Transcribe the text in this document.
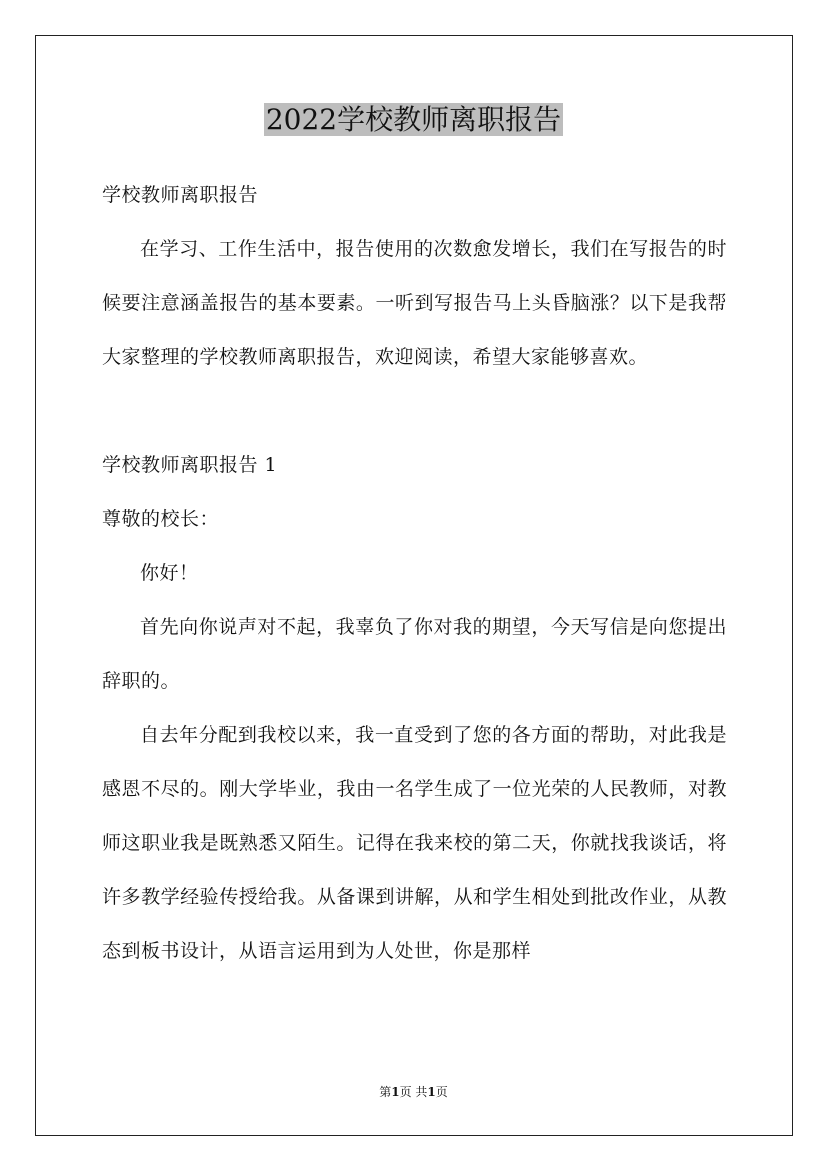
2022学校教师离职报告
学校教师离职报告

在学习、工作生活中，报告使用的次数愈发增长，我们在写报告的时候要注意涵盖报告的基本要素。一听到写报告马上头昏脑涨？以下是我帮大家整理的学校教师离职报告，欢迎阅读，希望大家能够喜欢。

学校教师离职报告 1
尊敬的校长：

你好！

首先向你说声对不起，我辜负了你对我的期望，今天写信是向您提出辞职的。

自去年分配到我校以来，我一直受到了您的各方面的帮助，对此我是感恩不尽的。刚大学毕业，我由一名学生成了一位光荣的人民教师，对教师这职业我是既熟悉又陌生。记得在我来校的第二天，你就找我谈话，将许多教学经验传授给我。从备课到讲解，从和学生相处到批改作业，从教态到板书设计，从语言运用到为人处世，你是那样

第1页 共1页
